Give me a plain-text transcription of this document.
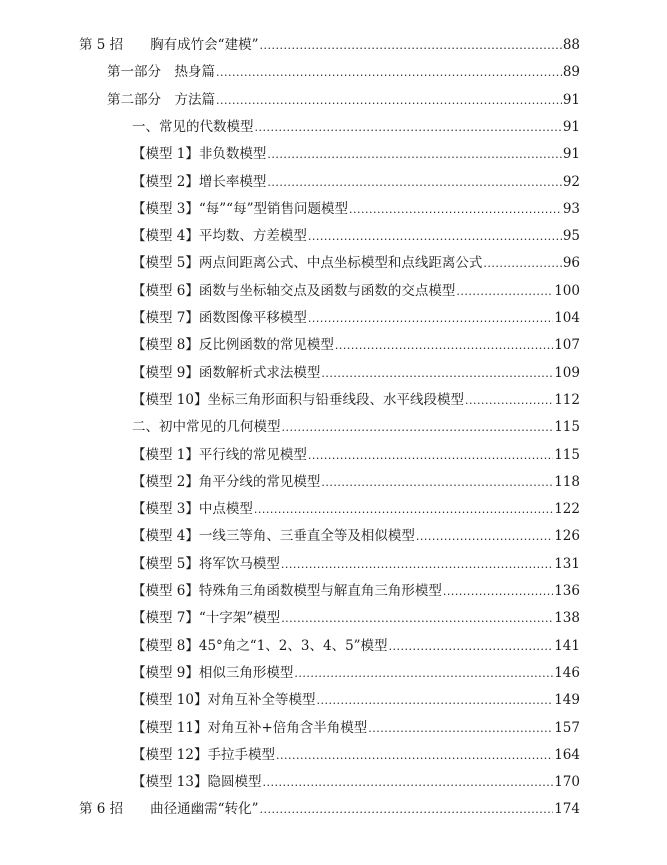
第 5 招　　胸有成竹会“建模” .....	88
第一部分　热身篇 .....	89
第二部分　方法篇 .....	91
一、常见的代数模型 .....	91
【模型 1】非负数模型 .....	91
【模型 2】增长率模型 .....	92
【模型 3】“每”“每”型销售问题模型 .....	93
【模型 4】平均数、方差模型 .....	95
【模型 5】两点间距离公式、中点坐标模型和点线距离公式 .....	96
【模型 6】函数与坐标轴交点及函数与函数的交点模型 .....	100
【模型 7】函数图像平移模型 .....	104
【模型 8】反比例函数的常见模型 .....	107
【模型 9】函数解析式求法模型 .....	109
【模型 10】坐标三角形面积与铅垂线段、水平线段模型 .....	112
二、初中常见的几何模型 .....	115
【模型 1】平行线的常见模型 .....	115
【模型 2】角平分线的常见模型 .....	118
【模型 3】中点模型 .....	122
【模型 4】一线三等角、三垂直全等及相似模型 .....	126
【模型 5】将军饮马模型 .....	131
【模型 6】特殊角三角函数模型与解直角三角形模型 .....	136
【模型 7】“十字架”模型 .....	138
【模型 8】45°角之“1、2、3、4、5”模型 .....	141
【模型 9】相似三角形模型 .....	146
【模型 10】对角互补全等模型 .....	149
【模型 11】对角互补+倍角含半角模型 .....	157
【模型 12】手拉手模型 .....	164
【模型 13】隐圆模型 .....	170
第 6 招　　曲径通幽需“转化” .....	174
